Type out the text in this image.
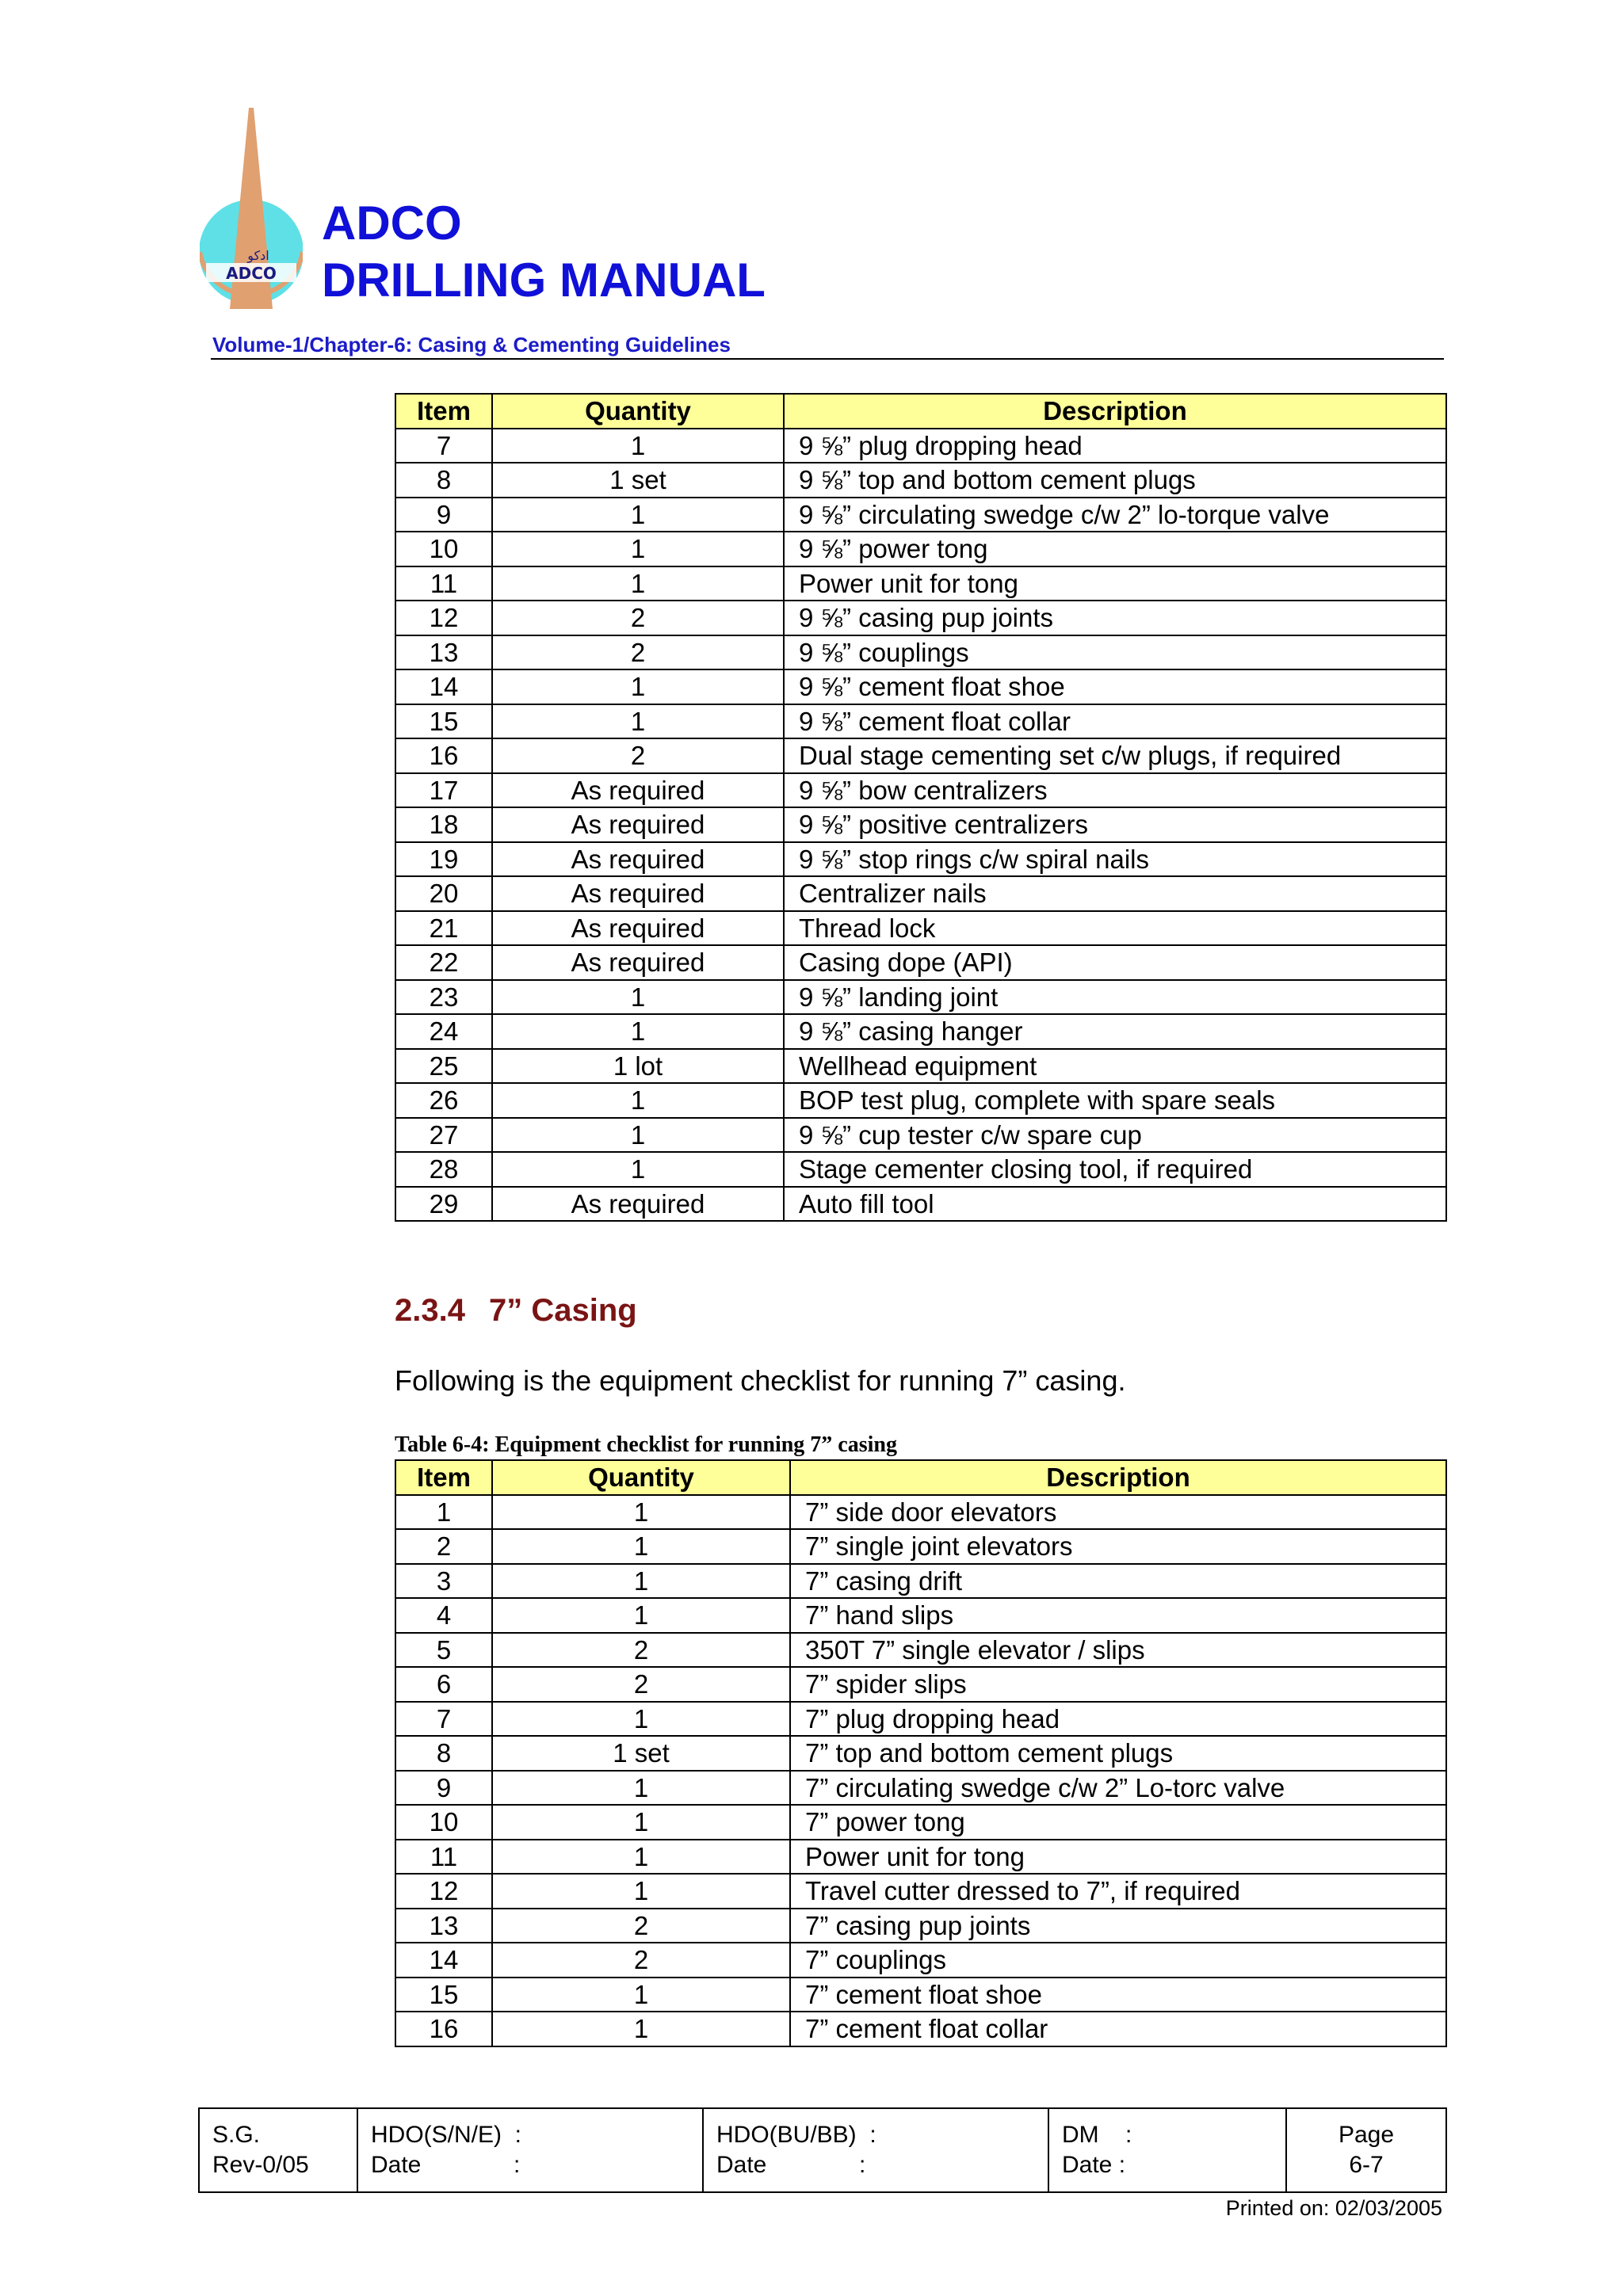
ADCO
ادكو
ADCO
DRILLING MANUAL
Volume-1/Chapter-6: Casing & Cementing Guidelines
Item	Quantity	Description
7	1	9 ⅝” plug dropping head
8	1 set	9 ⅝” top and bottom cement plugs
9	1	9 ⅝” circulating swedge c/w 2” lo-torque valve
10	1	9 ⅝” power tong
11	1	Power unit for tong
12	2	9 ⅝” casing pup joints
13	2	9 ⅝” couplings
14	1	9 ⅝” cement float shoe
15	1	9 ⅝” cement float collar
16	2	Dual stage cementing set c/w plugs, if required
17	As required	9 ⅝” bow centralizers
18	As required	9 ⅝” positive centralizers
19	As required	9 ⅝” stop rings c/w spiral nails
20	As required	Centralizer nails
21	As required	Thread lock
22	As required	Casing dope (API)
23	1	9 ⅝” landing joint
24	1	9 ⅝” casing hanger
25	1 lot	Wellhead equipment
26	1	BOP test plug, complete with spare seals
27	1	9 ⅝” cup tester c/w spare cup
28	1	Stage cementer closing tool, if required
29	As required	Auto fill tool
2.3.4 7” Casing
Following is the equipment checklist for running 7” casing.
Table 6-4: Equipment checklist for running 7” casing
Item	Quantity	Description
1	1	7” side door elevators
2	1	7” single joint elevators
3	1	7” casing drift
4	1	7” hand slips
5	2	350T 7” single elevator / slips
6	2	7” spider slips
7	1	7” plug dropping head
8	1 set	7” top and bottom cement plugs
9	1	7” circulating swedge c/w 2” Lo-torc valve
10	1	7” power tong
11	1	Power unit for tong
12	1	Travel cutter dressed to 7”, if required
13	2	7” casing pup joints
14	2	7” couplings
15	1	7” cement float shoe
16	1	7” cement float collar
S.G.
Rev-0/05

HDO(S/N/E)  :
Date              :

HDO(BU/BB)  :
Date              :

DM    :
Date :

Page
6-7
Printed on: 02/03/2005
